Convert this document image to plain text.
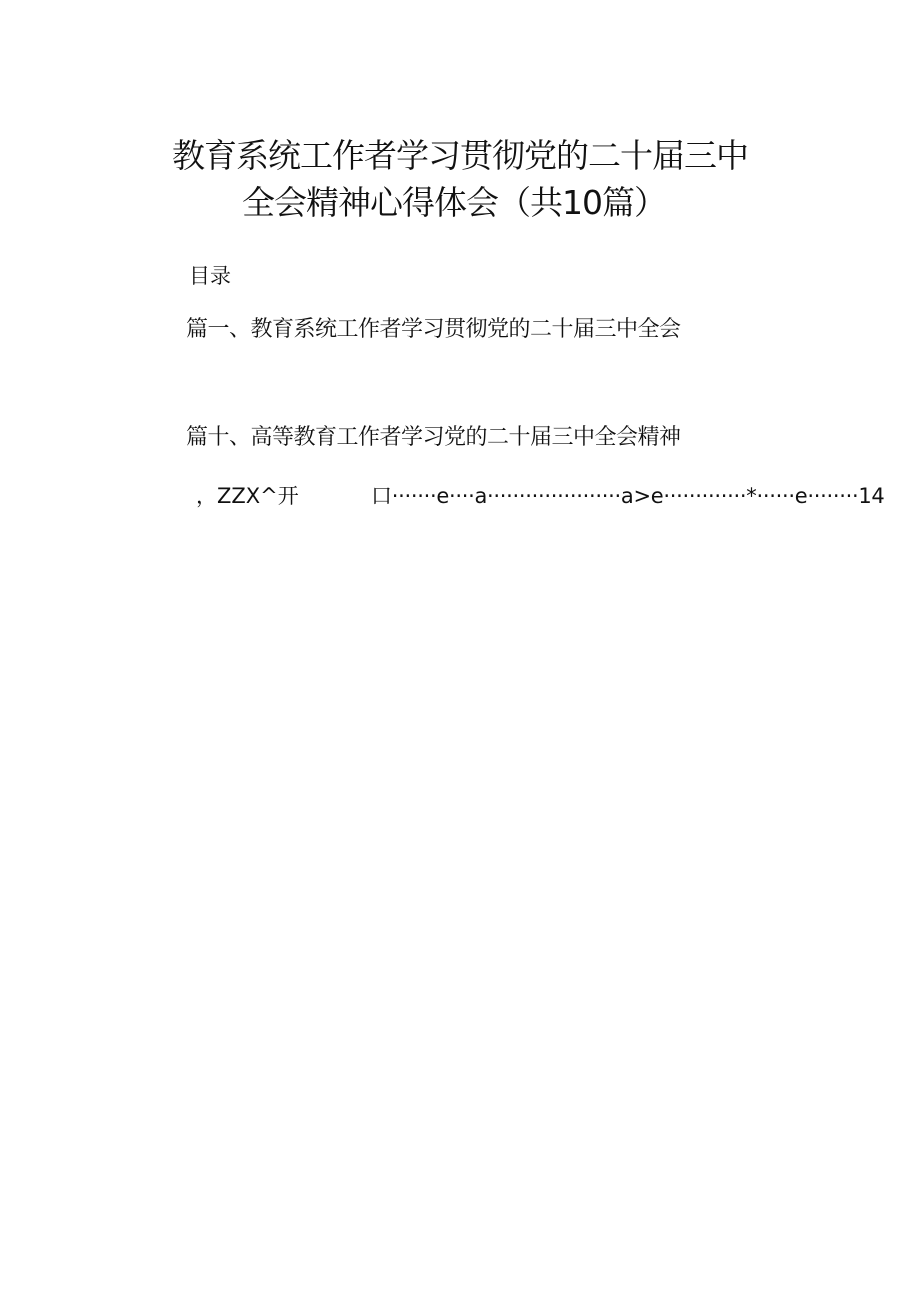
教育系统工作者学习贯彻党的二十届三中
全会精神心得体会（共10篇）
目录
篇一、教育系统工作者学习贯彻党的二十届三中全会
篇十、高等教育工作者学习党的二十届三中全会精神
，ZZX^开	口·······e····a·····················a>e·············*······e········14
